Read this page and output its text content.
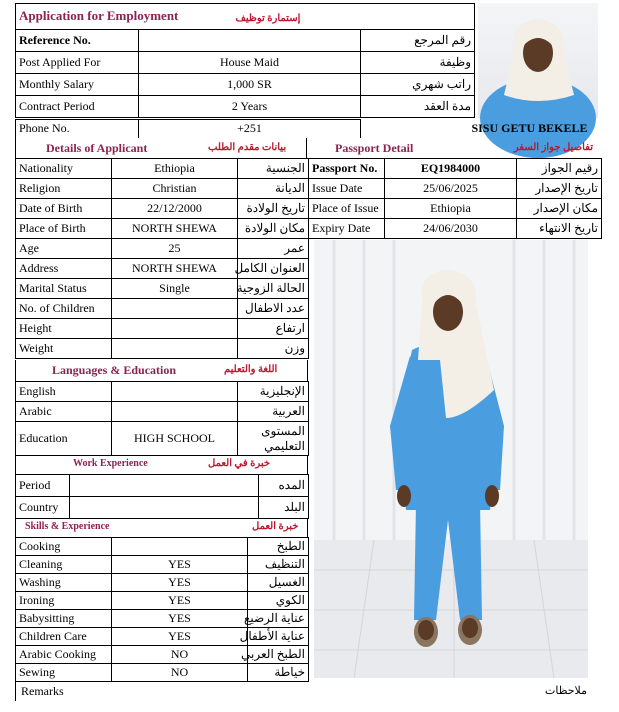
Application for Employment إستمارة توظيف		

Reference No.		رقم المرجع
Post Applied For	House Maid	وظيفة
Monthly Salary	1,000 SR	راتب شهري
Contract Period	2 Years	مدة العقد
Phone No.	+251	SISU GETU BEKELE
Details of Applicant	بيانات مقدم الطلب
Nationality	Ethiopia	الجنسية
Religion	Christian	الديانة
Date of Birth	22/12/2000	تاريخ الولادة
Place of Birth	NORTH SHEWA	مكان الولادة
Age	25	عمر
Address	NORTH SHEWA	العنوان الكامل
Marital Status	Single	الحالة الزوجية
No. of Children		عدد الاطفال
Height		ارتفاع
Weight		وزن
Languages & Education	اللغة والتعليم
English		الإنجليزية
Arabic		العربية
Education	HIGH SCHOOL	المستوى
التعليمي
Work Experience	خبرة في العمل
Period		المده
Country		البلد
Skills & Experience	خبرة العمل
Cooking		الطبخ
Cleaning	YES	التنظيف
Washing	YES	الغسيل
Ironing	YES	الكوي
Babysitting	YES	عناية الرضيع
Children Care	YES	عناية الأطفال
Arabic Cooking	NO	الطبخ العربي
Sewing	NO	خياطة
Remarks	ملاحظات
Passport Detail	تفاصيل جواز السفر
Passport No.	EQ1984000	رقيم الجواز
Issue Date	25/06/2025	تاريخ الإصدار
Place of Issue	Ethiopia	مكان الإصدار
Expiry Date	24/06/2030	تاريخ الانتهاء
